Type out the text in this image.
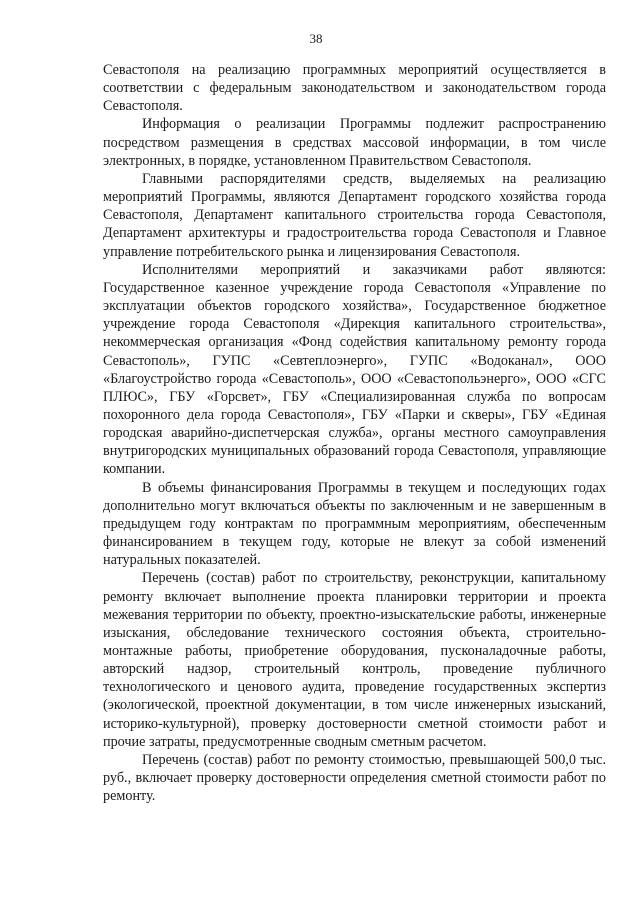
38

Севастополя на реализацию программных мероприятий осуществляется в соответствии с федеральным законодательством и законодательством города Севастополя.

Информация о реализации Программы подлежит распространению посредством размещения в средствах массовой информации, в том числе электронных, в порядке, установленном Правительством Севастополя.

Главными распорядителями средств, выделяемых на реализацию мероприятий Программы, являются Департамент городского хозяйства города Севастополя, Департамент капитального строительства города Севастополя, Департамент архитектуры и градостроительства города Севастополя и Главное управление потребительского рынка и лицензирования Севастополя.

Исполнителями мероприятий и заказчиками работ являются: Государственное казенное учреждение города Севастополя «Управление по эксплуатации объектов городского хозяйства», Государственное бюджетное учреждение города Севастополя «Дирекция капитального строительства», некоммерческая организация «Фонд содействия капитальному ремонту города Севастополь», ГУПС «Севтеплоэнерго», ГУПС «Водоканал», ООО «Благоустройство города «Севастополь», ООО «Севастопольэнерго», ООО «СГС ПЛЮС», ГБУ «Горсвет», ГБУ «Специализированная служба по вопросам похоронного дела города Севастополя», ГБУ «Парки и скверы», ГБУ «Единая городская аварийно-диспетчерская служба», органы местного самоуправления внутригородских муниципальных образований города Севастополя, управляющие компании.

В объемы финансирования Программы в текущем и последующих годах дополнительно могут включаться объекты по заключенным и не завершенным в предыдущем году контрактам по программным мероприятиям, обеспеченным финансированием в текущем году, которые не влекут за собой изменений натуральных показателей.

Перечень (состав) работ по строительству, реконструкции, капитальному ремонту включает выполнение проекта планировки территории и проекта межевания территории по объекту, проектно-изыскательские работы, инженерные изыскания, обследование технического состояния объекта, строительно-монтажные работы, приобретение оборудования, пусконаладочные работы, авторский надзор, строительный контроль, проведение публичного технологического и ценового аудита, проведение государственных экспертиз (экологической, проектной документации, в том числе инженерных изысканий, историко-культурной), проверку достоверности сметной стоимости работ и прочие затраты, предусмотренные сводным сметным расчетом.

Перечень (состав) работ по ремонту стоимостью, превышающей 500,0 тыс. руб., включает проверку достоверности определения сметной стоимости работ по ремонту.
